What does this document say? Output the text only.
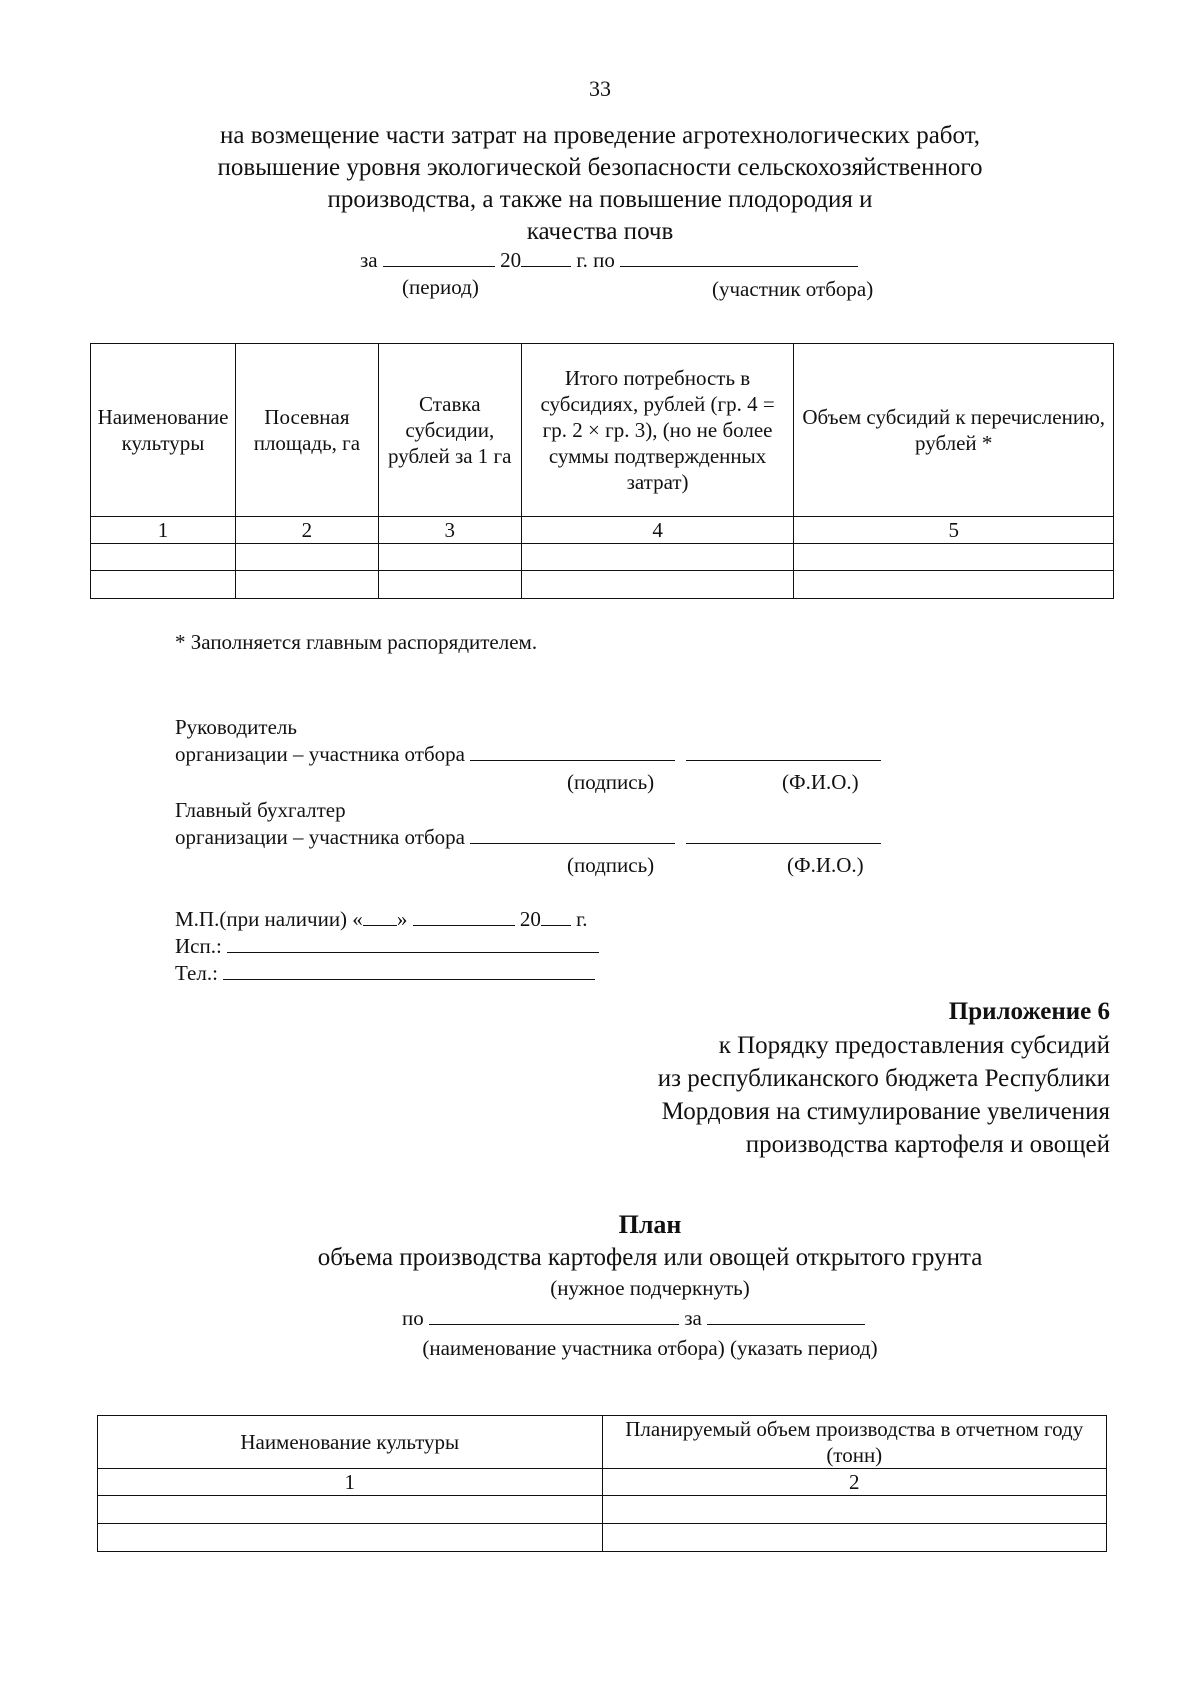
33
на возмещение части затрат на проведение агротехнологических работ,
повышение уровня экологической безопасности сельскохозяйственного
производства, а также на повышение плодородия и
качества почв
за	20	г. по
(период)	(участник отбора)
Наименование культуры	Посевная площадь, га	Ставка субсидии, рублей за 1 га	Итого потребность в субсидиях, рублей (гр. 4 = гр. 2 × гр. 3), (но не более суммы подтвержденных затрат)	Объем субсидий к перечислению, рублей *
1	2	3	4	5

* Заполняется главным распорядителем.
Руководитель
организации – участника отбора
(подпись)	(Ф.И.О.)
Главный бухгалтер
организации – участника отбора
(подпись)	(Ф.И.О.)
М.П.(при наличии) « »	20 г.
Исп.:
Тел.:
Приложение 6
к Порядку предоставления субсидий
из республиканского бюджета Республики
Мордовия на стимулирование увеличения
производства картофеля и овощей
План
объема производства картофеля или овощей открытого грунта
(нужное подчеркнуть)
по	за
(наименование участника отбора) (указать период)
Наименование культуры	Планируемый объем производства в отчетном году (тонн)
1	2
